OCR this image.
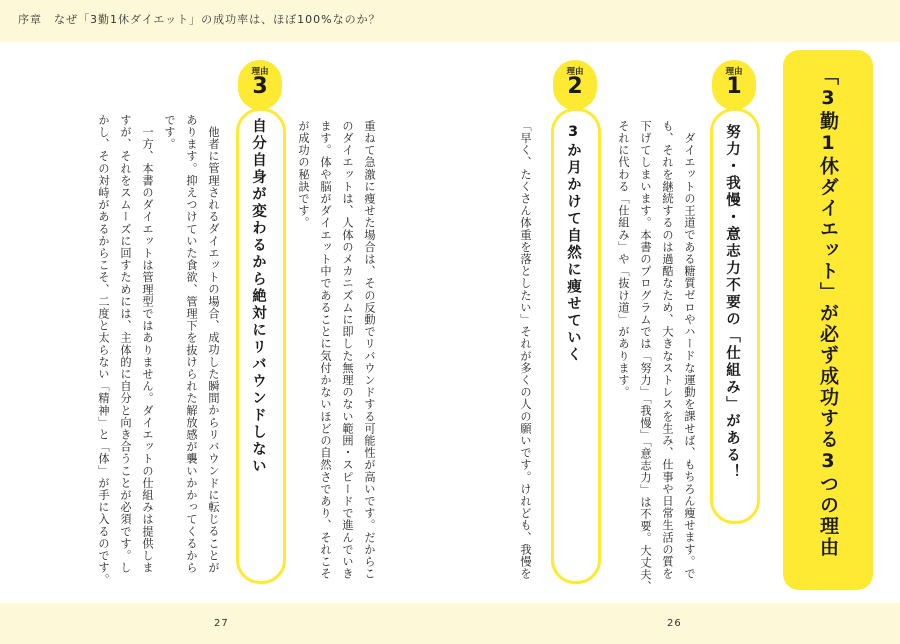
序章　なぜ「3勤1休ダイエット」の成功率は、ほぼ100%なのか？
「3勤1休ダイエット」が必ず成功する3つの理由
理由
1
努力・我慢・意志力不要の「仕組み」がある！
ダイエットの王道である糖質ゼロやハードな運動を課せば、もちろん痩せます。で
も、それを継続するのは過酷なため、大きなストレスを生み、仕事や日常生活の質を
下げてしまいます。本書のプログラムでは「努力」「我慢」「意志力」は不要。大丈夫、
それに代わる「仕組み」や「抜け道」があります。
理由
2
3か月かけて自然に痩せていく
「早く、たくさん体重を落としたい」それが多くの人の願いです。けれども、我慢を
重ねて急激に痩せた場合は、その反動でリバウンドする可能性が高いです。だからこ
のダイエットは、人体のメカニズムに即した無理のない範囲・スピードで進んでいき
ます。体や脳がダイエット中であることに気付かないほどの自然さであり、それこそ
が成功の秘訣です。
理由
3
自分自身が変わるから絶対にリバウンドしない
他者に管理されるダイエットの場合、成功した瞬間からリバウンドに転じることが
あります。抑えつけていた食欲、管理下を抜けられた解放感が襲いかかってくるから
です。
　一方、本書のダイエットは管理型ではありません。ダイエットの仕組みは提供しま
すが、それをスムーズに回すためには、主体的に自分と向き合うことが必須です。し
かし、その対峙があるからこそ、二度と太らない「精神」と「体」が手に入るのです。
27	26
